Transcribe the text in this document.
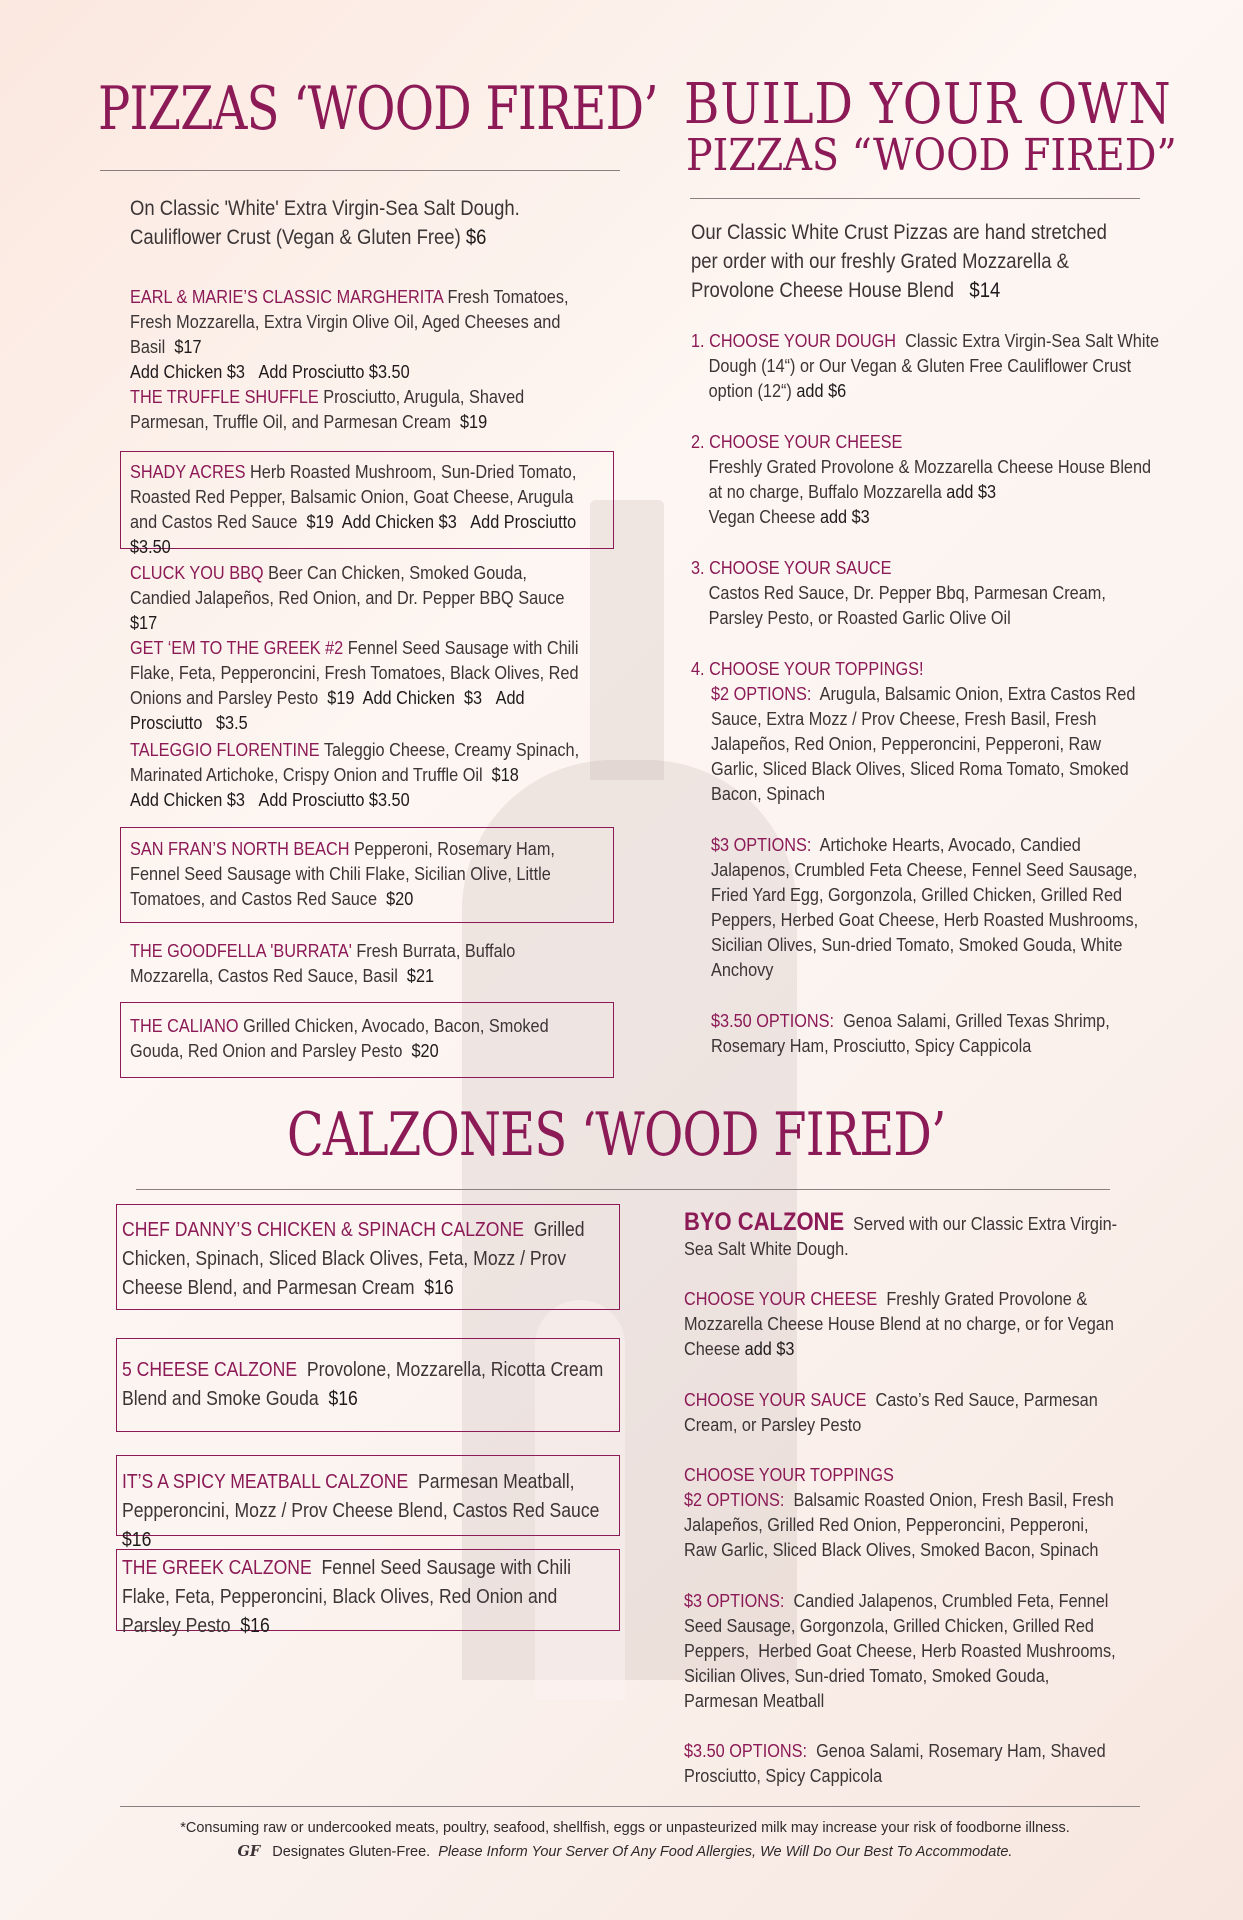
PIZZAS ‘WOOD FIRED’
On Classic 'White' Extra Virgin-Sea Salt Dough.
Cauliflower Crust (Vegan & Gluten Free) $6
EARL & MARIE’S CLASSIC MARGHERITA Fresh Tomatoes, Fresh Mozzarella, Extra Virgin Olive Oil, Aged Cheeses and Basil $17
Add Chicken $3   Add Prosciutto $3.50
THE TRUFFLE SHUFFLE Prosciutto, Arugula, Shaved Parmesan, Truffle Oil, and Parmesan Cream $19
SHADY ACRES Herb Roasted Mushroom, Sun-Dried Tomato, Roasted Red Pepper, Balsamic Onion, Goat Cheese, Arugula and Castos Red Sauce $19 Add Chicken $3   Add Prosciutto $3.50
CLUCK YOU BBQ Beer Can Chicken, Smoked Gouda, Candied Jalapeños, Red Onion, and Dr. Pepper BBQ Sauce  $17
GET ‘EM TO THE GREEK #2 Fennel Seed Sausage with Chili Flake, Feta, Pepperoncini, Fresh Tomatoes, Black Olives, Red Onions and Parsley Pesto $19 Add Chicken  $3   Add Prosciutto   $3.5
TALEGGIO FLORENTINE Taleggio Cheese, Creamy Spinach, Marinated Artichoke, Crispy Onion and Truffle Oil $18
Add Chicken $3   Add Prosciutto $3.50
SAN FRAN’S NORTH BEACH Pepperoni, Rosemary Ham, Fennel Seed Sausage with Chili Flake, Sicilian Olive, Little Tomatoes, and Castos Red Sauce $20
THE GOODFELLA 'BURRATA' Fresh Burrata, Buffalo Mozzarella, Castos Red Sauce, Basil $21
THE CALIANO Grilled Chicken, Avocado, Bacon, Smoked Gouda, Red Onion and Parsley Pesto $20
BUILD YOUR OWN
PIZZAS “WOOD FIRED”
Our Classic White Crust Pizzas are hand stretched per order with our freshly Grated Mozzarella & Provolone Cheese House Blend $14
1. CHOOSE YOUR DOUGH Classic Extra Virgin-Sea Salt White Dough (14“) or Our Vegan & Gluten Free Cauliflower Crust option (12“) add $6
2. CHOOSE YOUR CHEESE
Freshly Grated Provolone & Mozzarella Cheese House Blend at no charge, Buffalo Mozzarella add $3
Vegan Cheese add $3
3. CHOOSE YOUR SAUCE
Castos Red Sauce, Dr. Pepper Bbq, Parmesan Cream, Parsley Pesto, or Roasted Garlic Olive Oil
4. CHOOSE YOUR TOPPINGS!
$2 OPTIONS: Arugula, Balsamic Onion, Extra Castos Red Sauce, Extra Mozz / Prov Cheese, Fresh Basil, Fresh Jalapeños, Red Onion, Pepperoncini, Pepperoni, Raw Garlic, Sliced Black Olives, Sliced Roma Tomato, Smoked Bacon, Spinach
$3 OPTIONS: Artichoke Hearts, Avocado, Candied Jalapenos, Crumbled Feta Cheese, Fennel Seed Sausage, Fried Yard Egg, Gorgonzola, Grilled Chicken, Grilled Red Peppers, Herbed Goat Cheese, Herb Roasted Mushrooms, Sicilian Olives, Sun-dried Tomato, Smoked Gouda, White Anchovy
$3.50 OPTIONS: Genoa Salami, Grilled Texas Shrimp, Rosemary Ham, Prosciutto, Spicy Cappicola
CALZONES ‘WOOD FIRED’
CHEF DANNY’S CHICKEN & SPINACH CALZONE Grilled Chicken, Spinach, Sliced Black Olives, Feta, Mozz / Prov Cheese Blend, and Parmesan Cream $16
5 CHEESE CALZONE Provolone, Mozzarella, Ricotta Cream Blend and Smoke Gouda $16
IT’S A SPICY MEATBALL CALZONE Parmesan Meatball, Pepperoncini, Mozz / Prov Cheese Blend, Castos Red Sauce  $16
THE GREEK CALZONE Fennel Seed Sausage with Chili Flake, Feta, Pepperoncini, Black Olives, Red Onion and Parsley Pesto $16
BYO CALZONE Served with our Classic Extra Virgin-Sea Salt White Dough.
CHOOSE YOUR CHEESE Freshly Grated Provolone & Mozzarella Cheese House Blend at no charge, or for Vegan Cheese add $3
CHOOSE YOUR SAUCE Casto’s Red Sauce, Parmesan Cream, or Parsley Pesto
CHOOSE YOUR TOPPINGS
$2 OPTIONS: Balsamic Roasted Onion, Fresh Basil, Fresh Jalapeños, Grilled Red Onion, Pepperoncini, Pepperoni, Raw Garlic, Sliced Black Olives, Smoked Bacon, Spinach
$3 OPTIONS: Candied Jalapenos, Crumbled Feta, Fennel Seed Sausage, Gorgonzola, Grilled Chicken, Grilled Red Peppers,  Herbed Goat Cheese, Herb Roasted Mushrooms, Sicilian Olives, Sun-dried Tomato, Smoked Gouda, Parmesan Meatball
$3.50 OPTIONS: Genoa Salami, Rosemary Ham, Shaved Prosciutto, Spicy Cappicola
*Consuming raw or undercooked meats, poultry, seafood, shellfish, eggs or unpasteurized milk may increase your risk of foodborne illness.
GF Designates Gluten-Free. Please Inform Your Server Of Any Food Allergies, We Will Do Our Best To Accommodate.
